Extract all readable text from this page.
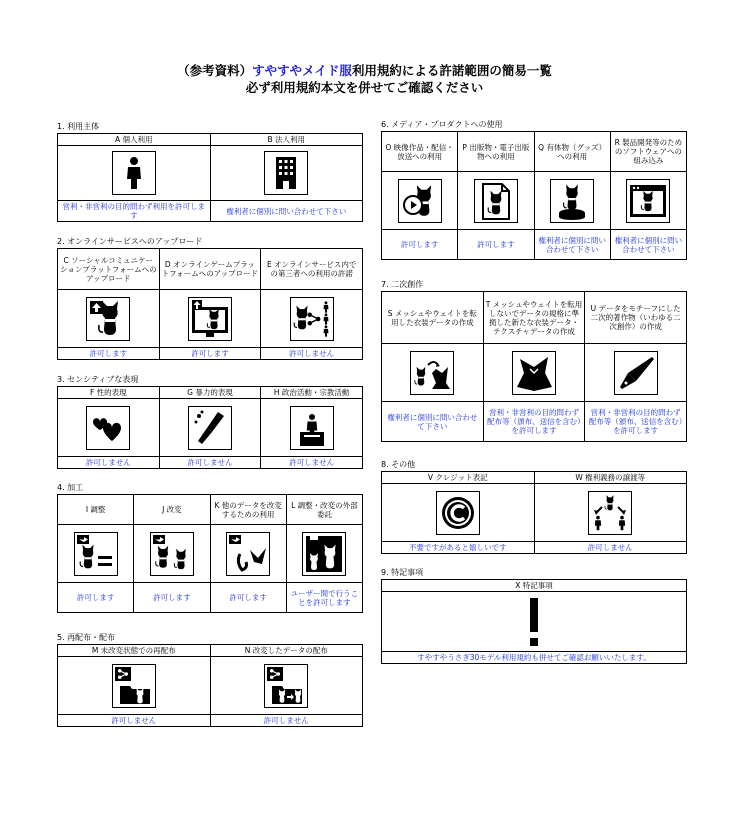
（参考資料）すやすやメイド服利用規約による許諾範囲の簡易一覧
必ず利用規約本文を併せてご確認ください
1. 利用主体
A 個人利用	B 法人利用

営利・非営利の目的問わず利用を許可します	権利者に個別に問い合わせて下さい
2. オンラインサービスへのアップロード
C ソーシャルコミュニケーションプラットフォームへのアップロード	D オンラインゲームプラットフォームへのアップロード	E オンラインサービス内での第三者への利用の許諾

許可します	許可します	許可しません
3. センシティブな表現
F 性的表現	G 暴力的表現	H 政治活動・宗教活動

許可しません	許可しません	許可しません
4. 加工
I 調整	J 改変	K 他のデータを改変するための利用	L 調整・改変の外部委託

許可します	許可します	許可します	ユーザー間で行うことを許可します
5. 再配布・配布
M 未改変状態での再配布	N 改変したデータの配布

許可しません	許可しません
6. メディア・プロダクトへの使用
O 映像作品・配信・放送への利用	P 出版物・電子出版物への利用	Q 有体物（グッズ）への利用	R 製品開発等のためのソフトウェアへの組み込み

許可します	許可します	権利者に個別に問い合わせて下さい	権利者に個別に問い合わせて下さい
7. 二次創作
S メッシュやウェイトを転用した衣装データの作成	T メッシュやウェイトを転用しないでデータの規格に準拠した新たな衣装データ・テクスチャデータの作成	U データをモチーフにした二次的著作物（いわゆる二次創作）の作成

権利者に個別に問い合わせて下さい	営利・非営利の目的問わず配布等（頒布、送信を含む）を許可します	営利・非営利の目的問わず配布等（頒布、送信を含む）を許可します
8. その他
V クレジット表記	W 権利義務の譲渡等

不要ですがあると嬉しいです	許可しません
9. 特記事項
X 特記事項

すやすやうさぎ30モデル利用規約も併せてご確認お願いいたします。
